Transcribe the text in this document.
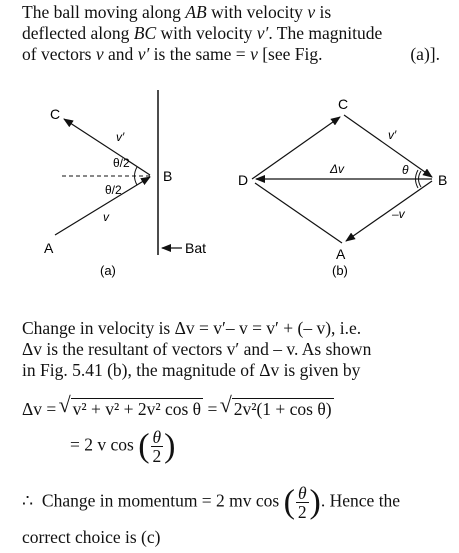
The ball moving along AB with velocity v is
deflected along BC with velocity v′. The magnitude
of vectors v and v′ is the same = v [see Fig.	(a)].
C
B
A
v′
v
θ/2
θ/2
Bat
(a)
C
D	B
A
v′
Δv	θ
–v
(b)
Change in velocity is Δv = v′– v = v′ + (– v), i.e.
Δv is the resultant of vectors v′ and – v. As shown
in Fig. 5.41 (b), the magnitude of Δv is given by
Δv = √ v² + v² + 2v² cos θ = √ 2v²(1 + cos θ)
= 2 v cos ( $\frac{\theta}{2}$ )
∴ Change in momentum = 2 mv cos ( $\frac{\theta}{2}$ ). Hence the
correct choice is (c)
